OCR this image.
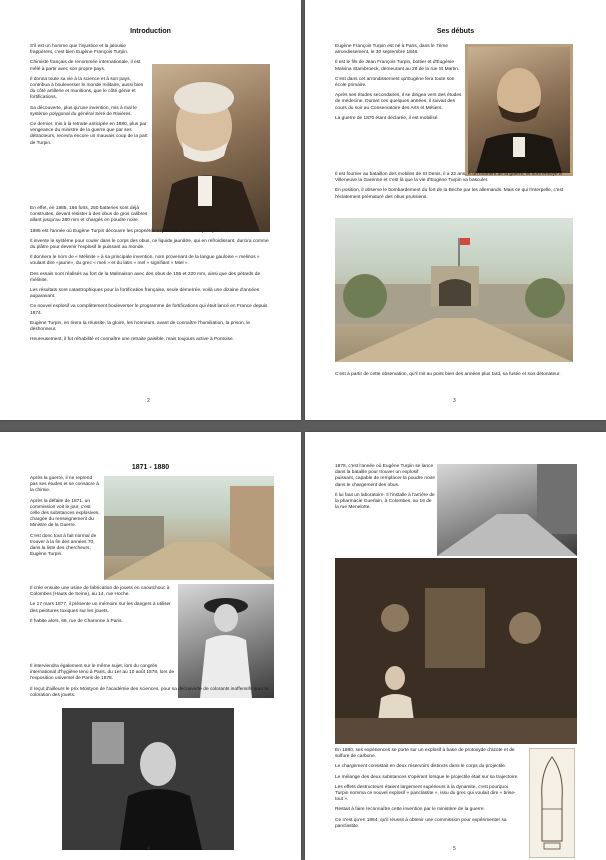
Introduction

S'il est un homme que l'injustice et la jalousie frappèrent, c'est bien Eugène François Turpin.

Chimiste français de renommée internationale, il est mêlé à partir avec son propre pays.

Il donna toute sa vie à la science et à son pays, contribua à bouleverser le monde militaire, aussi bien du côté artillerie et munitions, que le côté génie et fortifications.

Sa découverte, plus qu'une invention, mis à mal le système polygonal du général Séré de Rivières.

Ce dernier, mis à la retraite anticipée en 1880, plus par vengeance du ministre de la guerre que par ses détracteurs, recevra encore un mauvais coup de la part de Turpin.

En effet, en 1885, 166 forts, 250 batteries sont déjà construites, devant résister à des obus de gros calibres allant jusqu'au 280 mm et chargés en poudre noire.

1885 est l'année où Eugène Turpin découvre les propriétés explosives de l'acide picrique.

Il invente le système pour couler dans le corps des obus, ce liquide jaunâtre, qui en refroidissant, durcira comme du plâtre pour devenir l'explosif le puissant au monde.

Il donnera le nom de « Mélinite » à sa principale invention, nom provenant de la langue gauloise « melinos » voulant dire «jaune», du grec « meli » et du latin « mel » signifiant « Miel ».

Des essais sont réalisés au fort de la Malmaison avec des obus de 155 et 220 mm, ainsi que des pétards de mélinite.

Les résultats sont catastrophiques pour la fortification française, seule démerrée, voilà une dizaine d'années auparavant.

Ce nouvel explosif va complètement bouleverser le programme de fortifications qui était lancé en France depuis 1874.

Eugène Turpin, en tirera la réussite, la gloire, les honneurs, avant de connaître l'humiliation, la prison, le déshonneur.

Heureusement, il fut réhabilité et connaître une retraite paisible, mais toujours active à Pontoise.

2
Ses débuts

Eugène François Turpin est né à Paris, dans le 7ème arrondissement, le 30 septembre 1848.

Il est le fils de Jean François Turpin, bottier et d'Eugénie Malvina Stambroeck, demeurant au 28 de la rue St Martin.

C'est dans cet arrondissement qu'Eugène fera toute son école primaire.

Après ses études secondaires, il se dirigea vers des études de médecine. Durant ces quelques années, il suivait des cours du soir au Conservatoire des Arts et Métiers.

La guerre de 1870 étant déclarée, il est mobilisé.

Il est fourrier au bataillon des mobiles de St Denis, il a 22 ans. À un moment de la guerre, ils sont envoyé à Villeneuve la Garenne et c'est là que la vie d'Eugène Turpin va basculer.

En position, il observe le bombardement du fort de la Briche par les allemands. Mais ce qui l'interpelle, c'est l'éclatement prématuré des obus prussiens.

C'est à partir de cette observation, qu'il mit au point bien des années plus tard, sa fusée et son détonateur.

3
1871 - 1880

Après la guerre, il ne reprend pas ses études et se consacre à la chimie.

Après la défaite de 1871, un commission voit le jour, c'est celle des substances explosives, chargée du renseignement du Ministre de la Guerre.

C'est donc tout à fait normal de trouver à la fin des années 70, dans la liste des chercheurs, Eugène Turpin.

Il crée ensuite une usine de fabrication de jouets en caoutchouc à Colombes (Hauts de Seine), au 14, rue Hoche.

Le 17 mars 1877, il présente un mémoire sur les dangers à utiliser des peintures toxiques sur les jouets.

Il habite alors, 66, rue de Charonne à Paris.

Il interviendra également sur le même sujet, lors du congrès international d'hygiène tenu à Paris, du 1er au 10 août 1878, lors de l'exposition universel de Paris de 1878.

Il reçut d'ailleurs le prix Montyon de l'académie des sciences, pour sa découverte de colorants inoffensifs pour la coloration des jouets.

4

1878, c'est l'année où Eugène Turpin se lance dans la bataille pour trouver un explosif puissant, capable de remplacer la poudre noire dans le chargement des obus.

Il lui faut un laboratoire. Il l'installe à l'arrière de la pharmacie Guerlain, à Colombes, au 16 de la rue Menelotte.

En 1880, ses expériences se porte sur un explosif à base de protoxyde d'azote et de sulfure de carbone.

Le chargement consistait en deux réservoirs distincts dans le corps du projectile.

Le mélange des deux substances s'opérant lorsque le projectile était sur sa trajectoire.

Les effets destructeurs étaient largement supérieurs à la dynamite, c'est pourquoi Turpin nomma ce nouvel explosif « panclastite », issu du grec qui voulait dire « brise-tout ».

Restait à faire reconnaître cette invention par le ministère de la guerre.

Ce n'est qu'en 1884, qu'il réussit à obtenir une commission pour expérimenter sa panclastite.

5
